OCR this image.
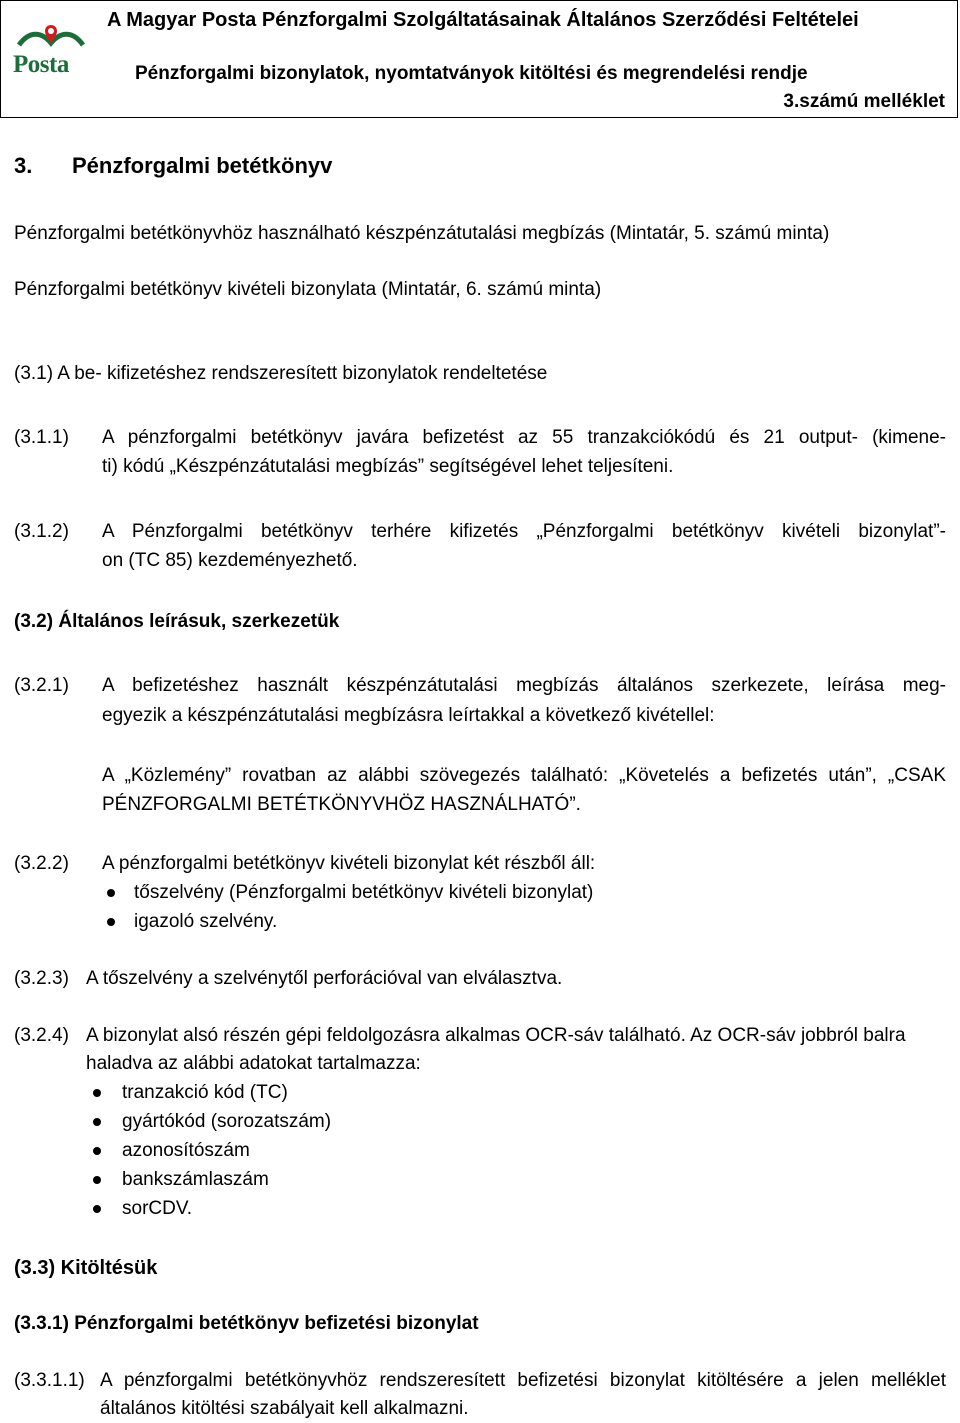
Posta
A Magyar Posta Pénzforgalmi Szolgáltatásainak Általános Szerződési Feltételei
Pénzforgalmi bizonylatok, nyomtatványok kitöltési és megrendelési rendje
3.számú melléklet
3. Pénzforgalmi betétkönyv
Pénzforgalmi betétkönyvhöz használható készpénzátutalási megbízás (Mintatár, 5. számú minta)
Pénzforgalmi betétkönyv kivételi bizonylata (Mintatár, 6. számú minta)
(3.1) A be- kifizetéshez rendszeresített bizonylatok rendeltetése
(3.1.1) A pénzforgalmi betétkönyv javára befizetést az 55 tranzakciókódú és 21 output- (kimene-
ti) kódú „Készpénzátutalási megbízás” segítségével lehet teljesíteni.
(3.1.2) A Pénzforgalmi betétkönyv terhére kifizetés „Pénzforgalmi betétkönyv kivételi bizonylat”-
on (TC 85) kezdeményezhető.
(3.2) Általános leírásuk, szerkezetük
(3.2.1) A befizetéshez használt készpénzátutalási megbízás általános szerkezete, leírása meg-
egyezik a készpénzátutalási megbízásra leírtakkal a következő kivétellel:
A „Közlemény” rovatban az alábbi szövegezés található: „Követelés a befizetés után”, „CSAK
PÉNZFORGALMI BETÉTKÖNYVHÖZ HASZNÁLHATÓ”.
(3.2.2) A pénzforgalmi betétkönyv kivételi bizonylat két részből áll:
tőszelvény (Pénzforgalmi betétkönyv kivételi bizonylat)
igazoló szelvény.
(3.2.3) A tőszelvény a szelvénytől perforációval van elválasztva.
(3.2.4) A bizonylat alsó részén gépi feldolgozásra alkalmas OCR-sáv található. Az OCR-sáv jobbról balra
haladva az alábbi adatokat tartalmazza:
tranzakció kód (TC)
gyártókód (sorozatszám)
azonosítószám
bankszámlaszám
sorCDV.
(3.3) Kitöltésük
(3.3.1) Pénzforgalmi betétkönyv befizetési bizonylat
(3.3.1.1) A pénzforgalmi betétkönyvhöz rendszeresített befizetési bizonylat kitöltésére a jelen melléklet
általános kitöltési szabályait kell alkalmazni.
